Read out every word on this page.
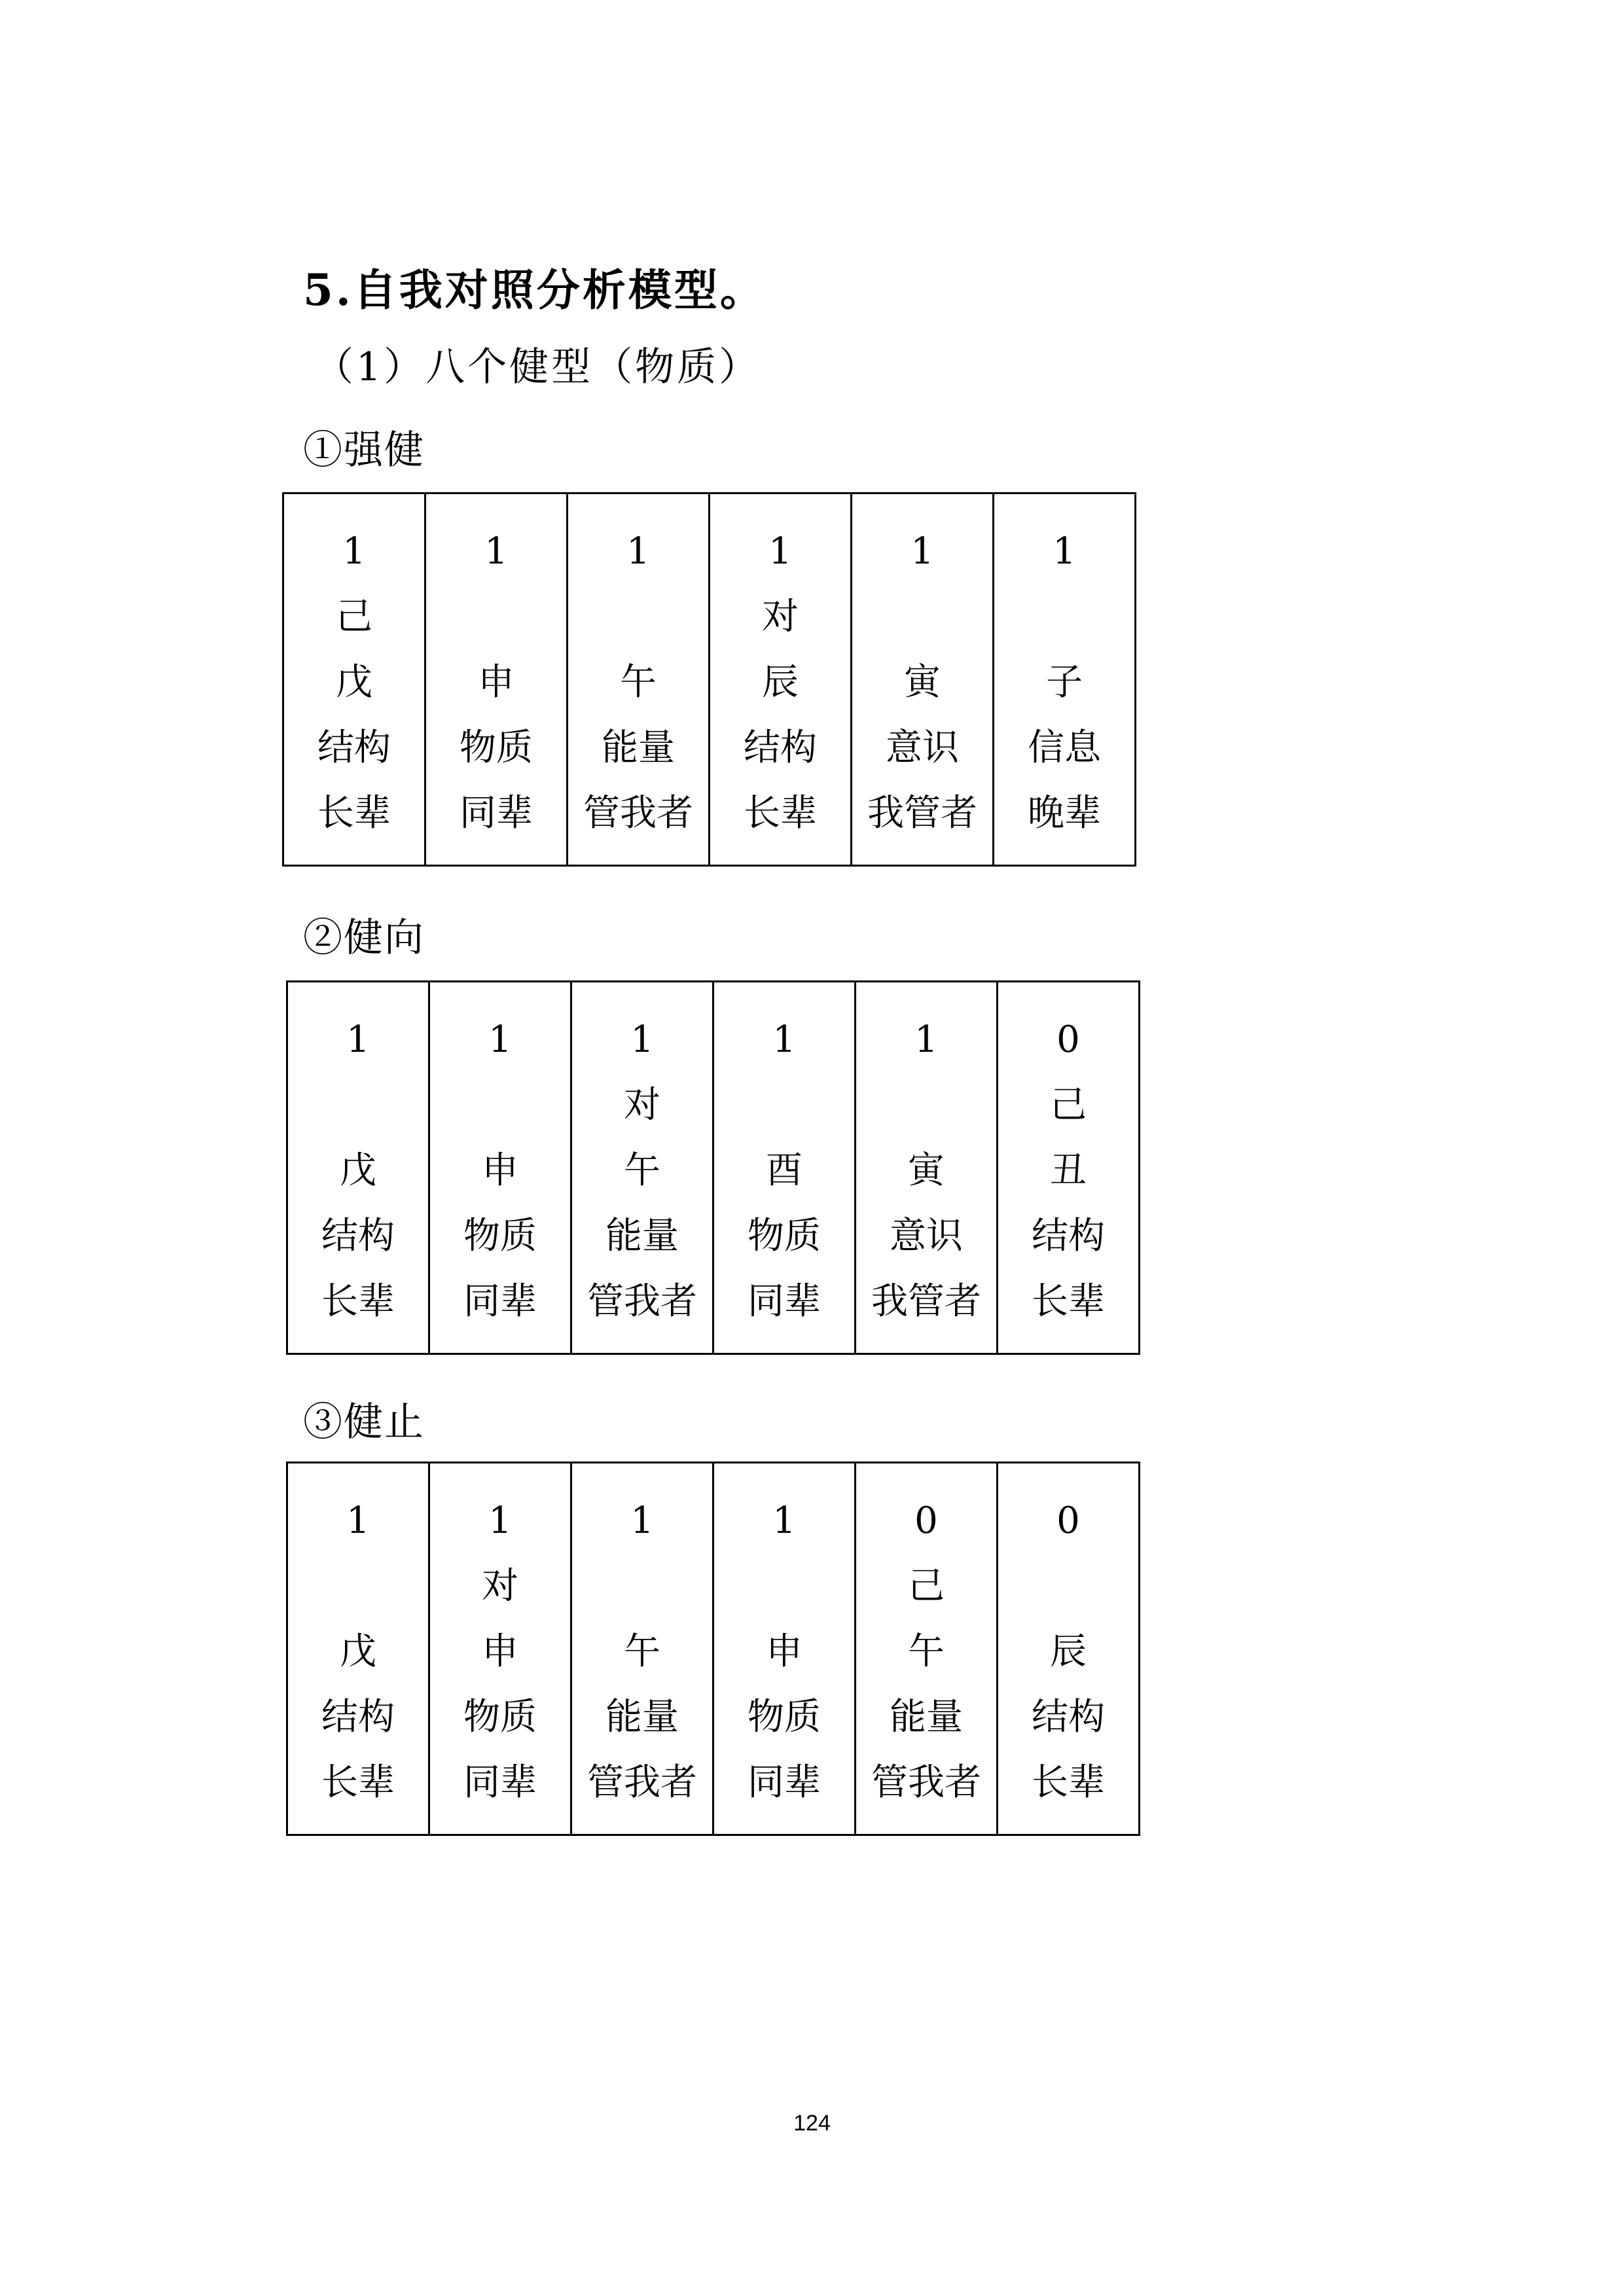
5.自我对照分析模型。
（1）八个健型（物质）
①强健
1
己
戊
结构
长辈

1
申
物质
同辈

1
午
能量
管我者

1
对
辰
结构
长辈

1
寅
意识
我管者

1
子
信息
晚辈
②健向
1
戊
结构
长辈

1
申
物质
同辈

1
对
午
能量
管我者

1
酉
物质
同辈

1
寅
意识
我管者

0
己
丑
结构
长辈
③健止
1
戊
结构
长辈

1
对
申
物质
同辈

1
午
能量
管我者

1
申
物质
同辈

0
己
午
能量
管我者

0
辰
结构
长辈
124
